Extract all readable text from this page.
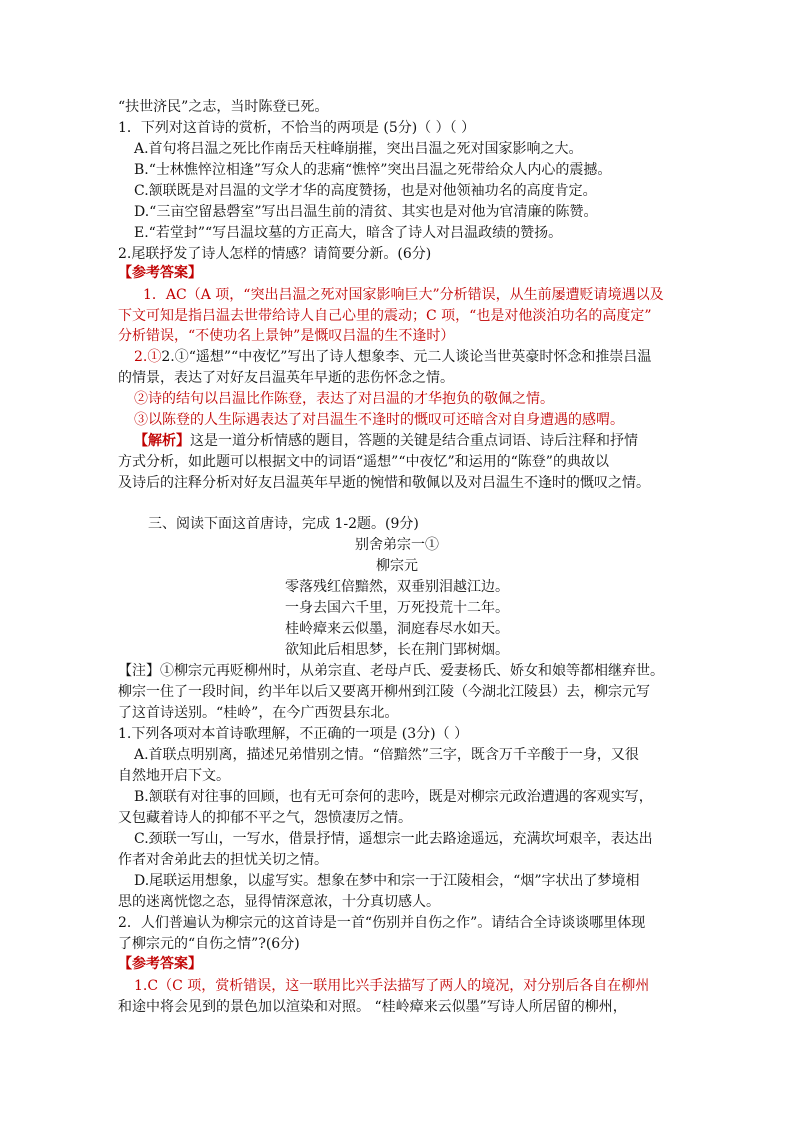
“扶世济民”之志，当时陈登已死。
1．下列对这首诗的赏析，不恰当的两项是 (5分)（ ）（ ）
A.首句将吕温之死比作南岳天柱峰崩摧，突出吕温之死对国家影响之大。
B.“士林憔悴泣相逢”写众人的悲痛“憔悴”突出吕温之死带给众人内心的震撼。
C.颔联既是对吕温的文学才华的高度赞扬，也是对他领袖功名的高度肯定。
D.“三亩空留悬磬室”写出吕温生前的清贫、其实也是对他为官清廉的陈赞。
E.“若堂封”“写吕温坟墓的方正高大，暗含了诗人对吕温政绩的赞扬。
2.尾联抒发了诗人怎样的情感？请简要分新。(6分)
【参考答案】
1．AC（A 项，“突出吕温之死对国家影响巨大”分析错误，从生前屡遭贬请境遇以及
下文可知是指吕温去世带给诗人自己心里的震动；C 项，“也是对他淡泊功名的高度定”
分析错误，“不使功名上景钟”是慨叹吕温的生不逢时）
2.①2.①“遥想”“中夜忆”写出了诗人想象李、元二人谈论当世英豪时怀念和推崇吕温
的情景，表达了对好友吕温英年早逝的悲伤怀念之情。
②诗的结句以吕温比作陈登，表达了对吕温的才华抱负的敬佩之情。
③以陈登的人生际遇表达了对吕温生不逢时的慨叹可还暗含对自身遭遇的感喟。
【解析】这是一道分析情感的题目，答题的关键是结合重点词语、诗后注释和抒情
方式分析，如此题可以根据文中的词语“遥想”“中夜忆”和运用的“陈登”的典故以
及诗后的注释分析对好友吕温英年早逝的惋惜和敬佩以及对吕温生不逢时的慨叹之情。
三、阅读下面这首唐诗，完成 1-2题。(9分)
别舍弟宗一①
柳宗元
零落残红倍黯然，双垂别泪越江边。
一身去国六千里，万死投荒十二年。
桂岭瘴来云似墨，洞庭春尽水如天。
欲知此后相思梦，长在荆门郢树烟。
【注】①柳宗元再贬柳州时，从弟宗直、老母卢氏、爱妻杨氏、娇女和娘等都相继弃世。
柳宗一住了一段时间，约半年以后又要离开柳州到江陵（今湖北江陵县）去，柳宗元写
了这首诗送别。“桂岭”，在今广西贺县东北。
1.下列各项对本首诗歌理解，不正确的一项是 (3分)（ ）
A.首联点明别离，描述兄弟惜别之情。“倍黯然”三字，既含万千辛酸于一身，又很
自然地开启下文。
B.颔联有对往事的回顾，也有无可奈何的悲吟，既是对柳宗元政治遭遇的客观实写，
又包藏着诗人的抑郁不平之气，怨愤凄厉之情。
C.颈联一写山，一写水，借景抒情，遥想宗一此去路途遥远，充满坎坷艰辛，表达出
作者对舍弟此去的担忧关切之情。
D.尾联运用想象，以虚写实。想象在梦中和宗一于江陵相会，“烟”字状出了梦境相
思的迷离恍惚之态，显得情深意浓，十分真切感人。
2．人们普遍认为柳宗元的这首诗是一首“伤别并自伤之作”。请结合全诗谈谈哪里体现
了柳宗元的“自伤之情”?(6分)
【参考答案】
1.C（C 项，赏析错误，这一联用比兴手法描写了两人的境况，对分别后各自在柳州
和途中将会见到的景色加以渲染和对照。 “桂岭瘴来云似墨”写诗人所居留的柳州，
